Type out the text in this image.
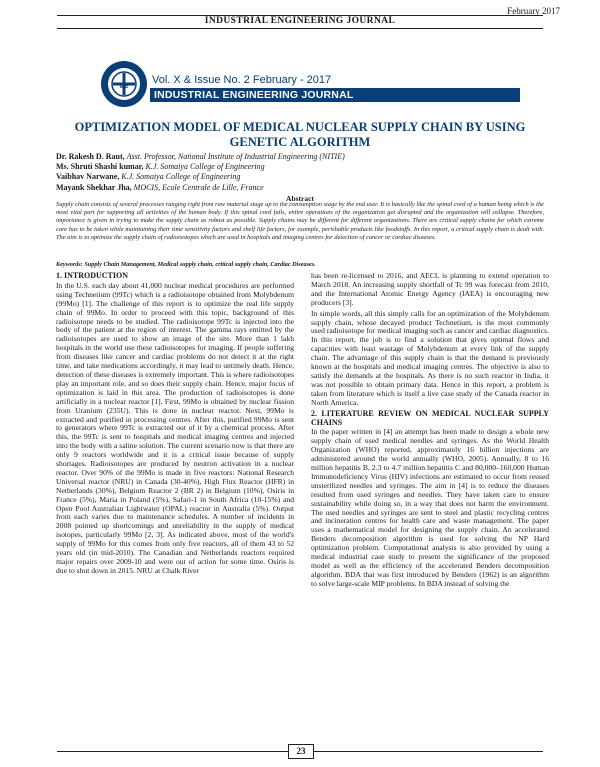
February 2017
INDUSTRIAL ENGINEERING JOURNAL
IIIE
Vol. X & Issue No. 2 February - 2017
INDUSTRIAL ENGINEERING JOURNAL
OPTIMIZATION MODEL OF MEDICAL NUCLEAR SUPPLY CHAIN BY USING GENETIC ALGORITHM
Dr. Rakesh D. Raut, Asst. Professor, National Institute of Industrial Engineering (NITIE)
Ms. Shruti Shashi kumar, K.J. Somaiya College of Engineering
Vaibhav Narwane, K.J. Somaiya College of Engineering
Mayank Shekhar Jha, MOCIS, Ecole Centrale de Lille, France
Abstract
Supply chain consists of several processes ranging right from raw material stage up to the consumption stage by the end user. It is basically like the spinal cord of a human being which is the most vital part for supporting all activities of the human body. If this spinal cord fails, entire operations of the organization get disrupted and the organization will collapse. Therefore, importance is given in trying to make the supply chain as robust as possible. Supply chains may be different for different organizations. There are critical supply chains for which extreme care has to be taken while maintaining their time sensitivity factors and shelf life factors, for example, perishable products like foodstuffs. In this report, a critical supply chain is dealt with. The aim is to optimize the supply chain of radioisotopes which are used in hospitals and imaging centres for detection of cancer or cardiac diseases.
Keywords: Supply Chain Management, Medical supply chain, critical supply chain, Cardiac Diseases.
1. INTRODUCTION

In the U.S. each day about 41,000 nuclear medical procedures are performed using Technetium (99Tc) which is a radioisotope obtained from Molybdenum (99Mo) [1]. The challenge of this report is to optimize the real life supply chain of 99Mo. In order to proceed with this topic, background of this radioisotope needs to be studied. The radioisotope 99Tc is injected into the body of the patient at the region of interest. The gamma rays emitted by the radioisotopes are used to show an image of the site. More than 1 lakh hospitals in the world use these radioisotopes for imaging. If people suffering from diseases like cancer and cardiac problems do not detect it at the right time, and take medications accordingly, it may lead to untimely death. Hence, detection of these diseases is extremely important. This is where radioisotopes play an important role, and so does their supply chain. Hence, major focus of optimization is laid in this area. The production of radioisotopes is done artificially in a nuclear reactor [1]. First, 99Mo is obtained by nuclear fission from Uranium (235U). This is done in nuclear reactor. Next, 99Mo is extracted and purified in processing centres. After this, purified 99Mo is sent to generators where 99Tc is extracted out of it by a chemical process. After this, the 99Tc is sent to hospitals and medical imaging centres and injected into the body with a saline solution. The current scenario now is that there are only 9 reactors worldwide and it is a critical issue because of supply shortages. Radioisotopes are produced by neutron activation in a nuclear reactor. Over 90% of the 99Mo is made in five reactors: National Research Universal reactor (NRU) in Canada (30-40%), High Flux Reactor (HFR) in Netherlands (30%), Belgium Reactor 2 (BR 2) in Belgium (10%), Osiris in France (5%), Maria in Poland (5%), Safari-1 in South Africa (10-15%) and Open Pool Australian Lightwater (OPAL) reactor in Australia (5%). Output from each varies due to maintenance schedules. A number of incidents in 2008 pointed up shortcomings and unreliability in the supply of medical isotopes, particularly 99Mo [2, 3]. As indicated above, most of the world's supply of 99Mo for this comes from only five reactors, all of them 43 to 52 years old (in mid-2010). The Canadian and Netherlands reactors required major repairs over 2009-10 and were out of action for some time. Osiris is due to shut down in 2015. NRU at Chalk River

has been re-licensed to 2016, and AECL is planning to extend operation to March 2018. An increasing supply shortfall of Tc 99 was forecast from 2010, and the International Atomic Energy Agency (IAEA) is encouraging new producers [3].

In simple words, all this simply calls for an optimization of the Molybdenum supply chain, whose decayed product Technetium, is the most commonly used radioisotope for medical imaging such as cancer and cardiac diagnostics. In this report, the job is to find a solution that gives optimal flows and capacities with least wastage of Molybdenum at every link of the supply chain. The advantage of this supply chain is that the demand is previously known at the hospitals and medical imaging centres. The objective is also to satisfy the demands at the hospitals. As there is no such reactor in India, it was not possible to obtain primary data. Hence in this report, a problem is taken from literature which is itself a live case study of the Canada reactor in North America.

2. LITERATURE REVIEW ON MEDICAL NUCLEAR SUPPLY CHAINS

In the paper written in [4] an attempt has been made to design a whole new supply chain of used medical needles and syringes. As the World Health Organization (WHO) reported, approximately 16 billion injections are administered around the world annually (WHO, 2005). Annually, 8 to 16 million hepatitis B, 2.3 to 4.7 million hepatitis C and 80,000–160,000 Human Immunodeficiency Virus (HIV) infections are estimated to occur from reused unsterilized needles and syringes. The aim in [4] is to reduce the diseases resulted from used syringes and needles. They have taken care to ensure sustainability while doing so, in a way that does not harm the environment. The used needles and syringes are sent to steel and plastic recycling centres and incineration centres for health care and waste management. The paper uses a mathematical model for designing the supply chain. An accelerated Benders decomposition algorithm is used for solving the NP Hard optimization problem. Computational analysis is also provided by using a medical industrial case study to present the significance of the proposed model as well as the efficiency of the accelerated Benders decomposition algorithm. BDA that was first introduced by Benders (1962) is an algorithm to solve large-scale MIP problems. In BDA instead of solving the

23
